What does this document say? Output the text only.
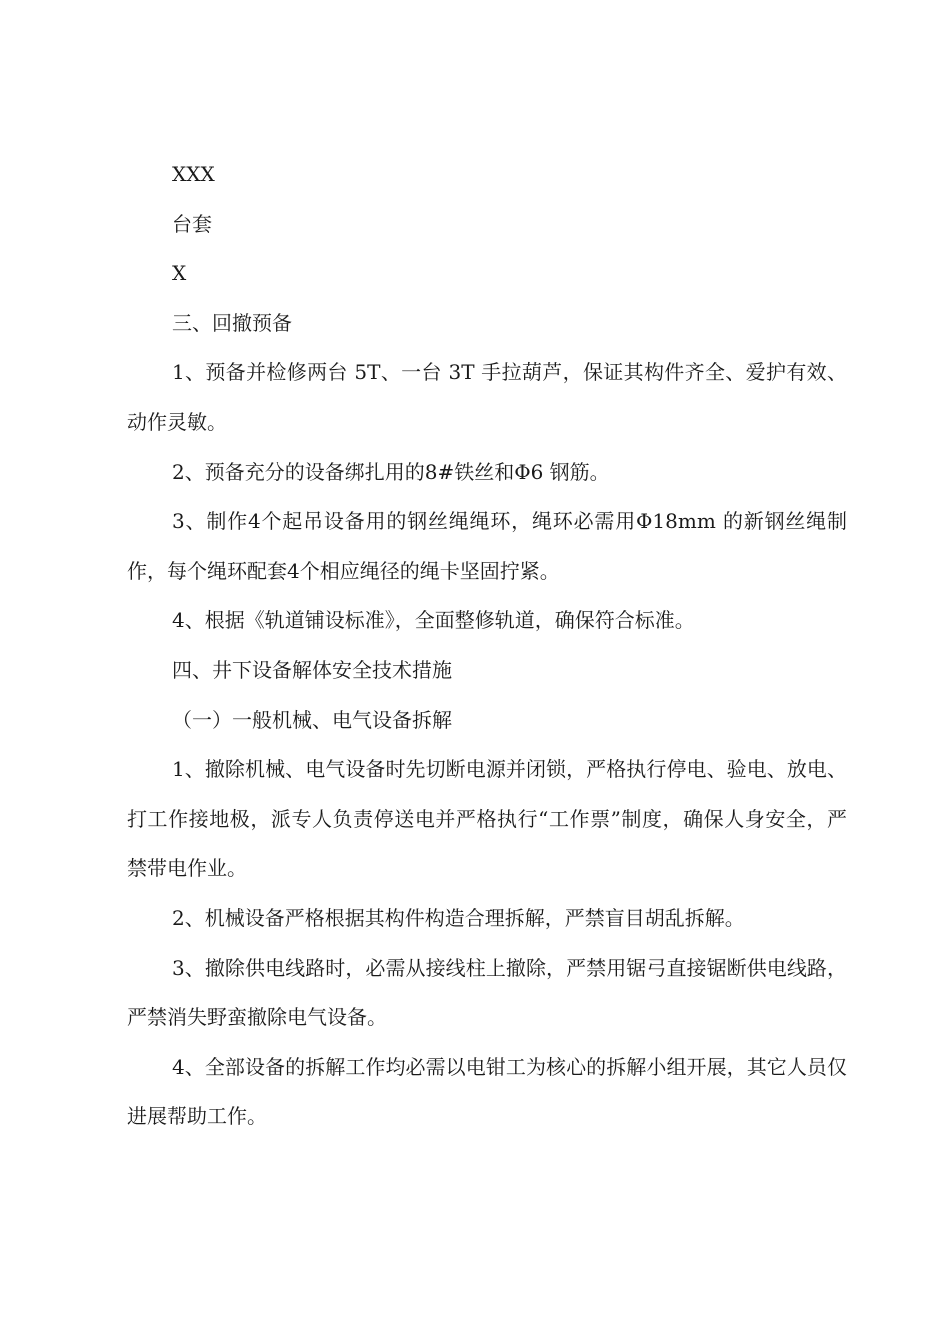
XXX
台套
X
三、回撤预备

1、预备并检修两台 5T、一台 3T 手拉葫芦，保证其构件齐全、爱护有效、动作灵敏。

2、预备充分的设备绑扎用的8#铁丝和Φ6 钢筋。

3、制作4个起吊设备用的钢丝绳绳环，绳环必需用Φ18mm 的新钢丝绳制作，每个绳环配套4个相应绳径的绳卡坚固拧紧。

4、根据《轨道铺设标准》，全面整修轨道，确保符合标准。

四、井下设备解体安全技术措施

（一）一般机械、电气设备拆解

1、撤除机械、电气设备时先切断电源并闭锁，严格执行停电、验电、放电、打工作接地极，派专人负责停送电并严格执行“工作票”制度，确保人身安全，严禁带电作业。

2、机械设备严格根据其构件构造合理拆解，严禁盲目胡乱拆解。

3、撤除供电线路时，必需从接线柱上撤除，严禁用锯弓直接锯断供电线路，严禁消失野蛮撤除电气设备。

4、全部设备的拆解工作均必需以电钳工为核心的拆解小组开展，其它人员仅进展帮助工作。
